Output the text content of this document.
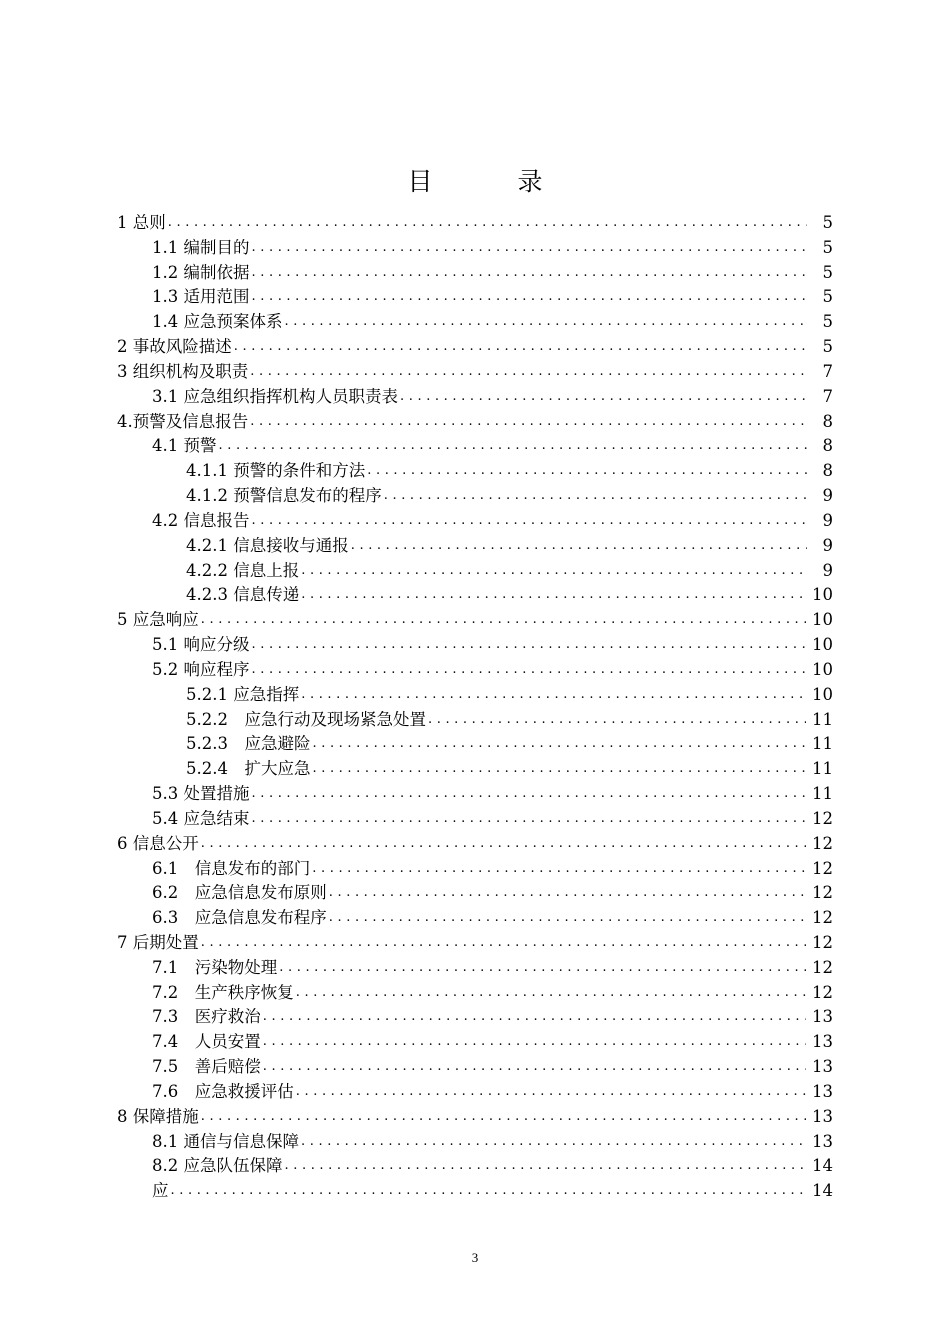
目　录
1 总则 .....	5
1.1 编制目的 .....	5
1.2 编制依据 .....	5
1.3 适用范围 .....	5
1.4 应急预案体系 .....	5
2 事故风险描述 .....	5
3 组织机构及职责 .....	7
3.1 应急组织指挥机构人员职责表 .....	7
4.预警及信息报告 .....	8
4.1 预警 .....	8
4.1.1 预警的条件和方法 .....	8
4.1.2 预警信息发布的程序 .....	9
4.2 信息报告 .....	9
4.2.1 信息接收与通报 .....	9
4.2.2 信息上报 .....	9
4.2.3 信息传递 .....	10
5 应急响应 .....	10
5.1 响应分级 .....	10
5.2 响应程序 .....	10
5.2.1 应急指挥 .....	10
5.2.2　应急行动及现场紧急处置 .....	11
5.2.3　应急避险 .....	11
5.2.4　扩大应急 .....	11
5.3 处置措施 .....	11
5.4 应急结束 .....	12
6 信息公开 .....	12
6.1　信息发布的部门 .....	12
6.2　应急信息发布原则 .....	12
6.3　应急信息发布程序 .....	12
7 后期处置 .....	12
7.1　污染物处理 .....	12
7.2　生产秩序恢复 .....	12
7.3　医疗救治 .....	13
7.4　人员安置 .....	13
7.5　善后赔偿 .....	13
7.6　应急救援评估 .....	13
8 保障措施 .....	13
8.1 通信与信息保障 .....	13
8.2 应急队伍保障 .....	14
应 .....	14
3
